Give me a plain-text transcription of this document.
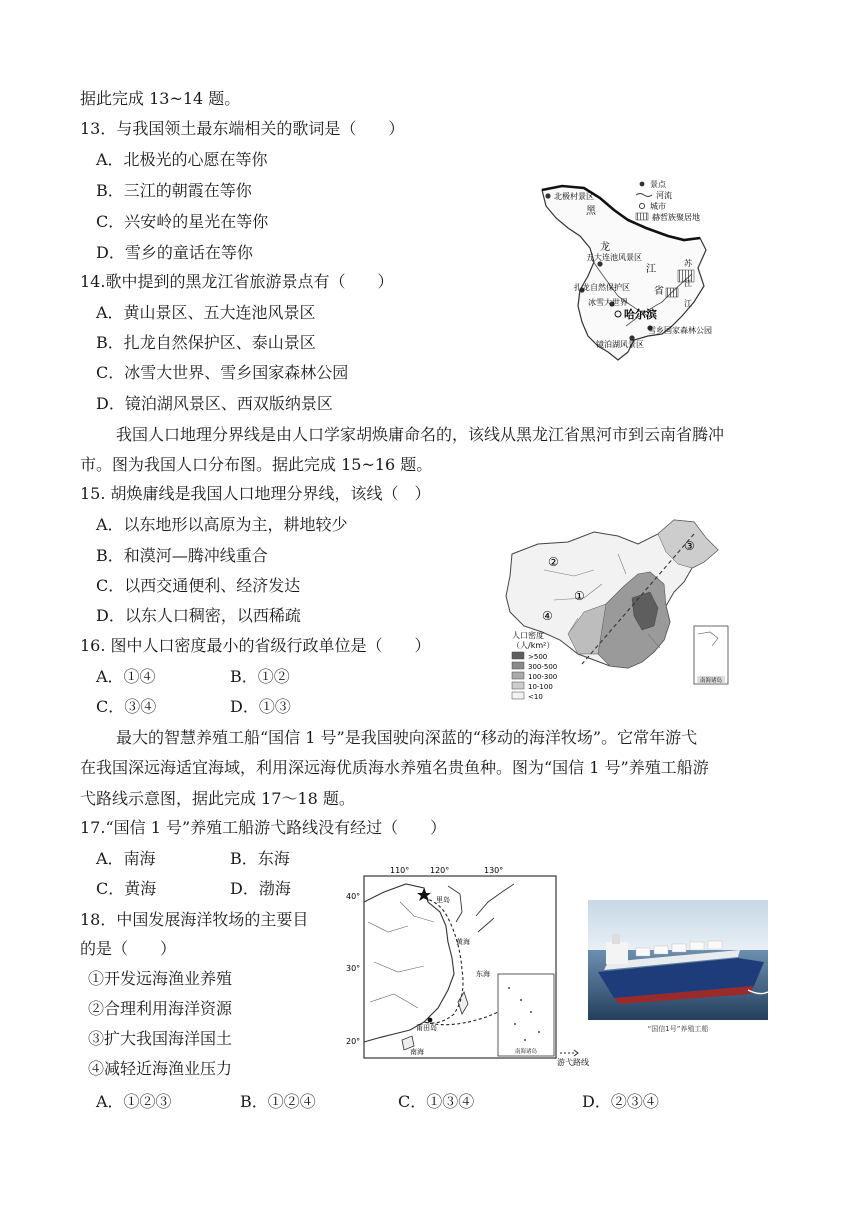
据此完成 13~14 题。
13．与我国领土最东端相关的歌词是（　　）
A．北极光的心愿在等你
B．三江的朝霞在等你
C．兴安岭的星光在等你
D．雪乡的童话在等你
14.歌中提到的黑龙江省旅游景点有（　　）
A．黄山景区、五大连池风景区
B．扎龙自然保护区、泰山景区
C．冰雪大世界、雪乡国家森林公园
D．镜泊湖风景区、西双版纳景区
我国人口地理分界线是由人口学家胡焕庸命名的，该线从黑龙江省黑河市到云南省腾冲
市。图为我国人口分布图。据此完成 15~16 题。
15. 胡焕庸线是我国人口地理分界线，该线（　）
A．以东地形以高原为主，耕地较少
B．和漠河—腾冲线重合
C．以西交通便利、经济发达
D．以东人口稠密，以西稀疏
16. 图中人口密度最小的省级行政单位是（　　）
A．①④	B．①②
C．③④	D．①③
最大的智慧养殖工船“国信 1 号”是我国驶向深蓝的“移动的海洋牧场”。它常年游弋
在我国深远海适宜海域，利用深远海优质海水养殖名贵鱼种。图为“国信 1 号”养殖工船游
弋路线示意图，据此完成 17～18 题。
17.“国信 1 号”养殖工船游弋路线没有经过（　　）
A．南海	B．东海
C．黄海	D．渤海
18．中国发展海洋牧场的主要目
的是（　　）
①开发远海渔业养殖
②合理利用海洋资源
③扩大我国海洋国土
④减轻近海渔业压力
A．①②③	B．①②④	C．①③④	D．②③④
北极村景区
黑
龙
五大连池风景区
江
省
苏
江
江
扎龙自然保护区
冰雪大世界
哈尔滨
雪乡国家森林公园
镜泊湖风景区
景点
河流
城市
赫哲族聚居地
②
①
③
④
人口密度
（人/km²）
>500
300-500
100-300
10-100
<10
南海诸岛
110°	120°	130°
40°
30°
20°
里岛
黄海
东海
莆田岛
南海	南海诸岛
游弋路线
“国信1号”养殖工船
